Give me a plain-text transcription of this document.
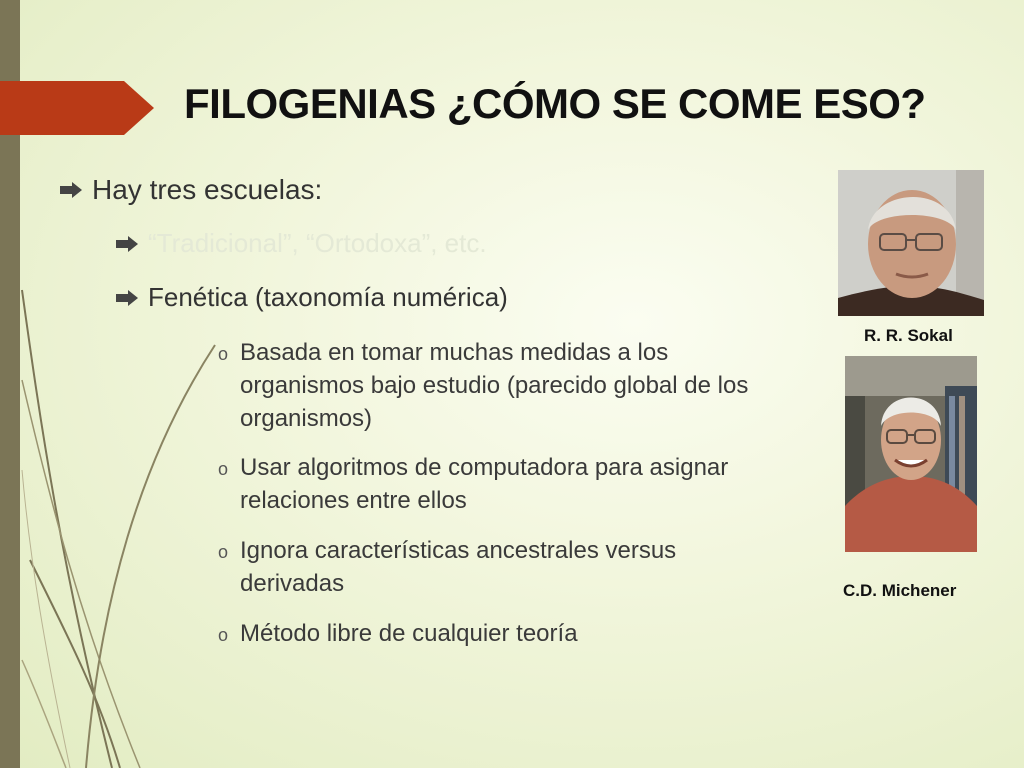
FILOGENIAS ¿CÓMO SE COME ESO?
Hay tres escuelas:
“Tradicional”, “Ortodoxa”, etc.
Fenética (taxonomía numérica)
o Basada en tomar muchas medidas a los organismos bajo estudio (parecido global de los organismos)
o Usar algoritmos de computadora para asignar relaciones entre ellos
o Ignora características ancestrales versus derivadas
o Método libre de cualquier teoría
R. R. Sokal
C.D. Michener
